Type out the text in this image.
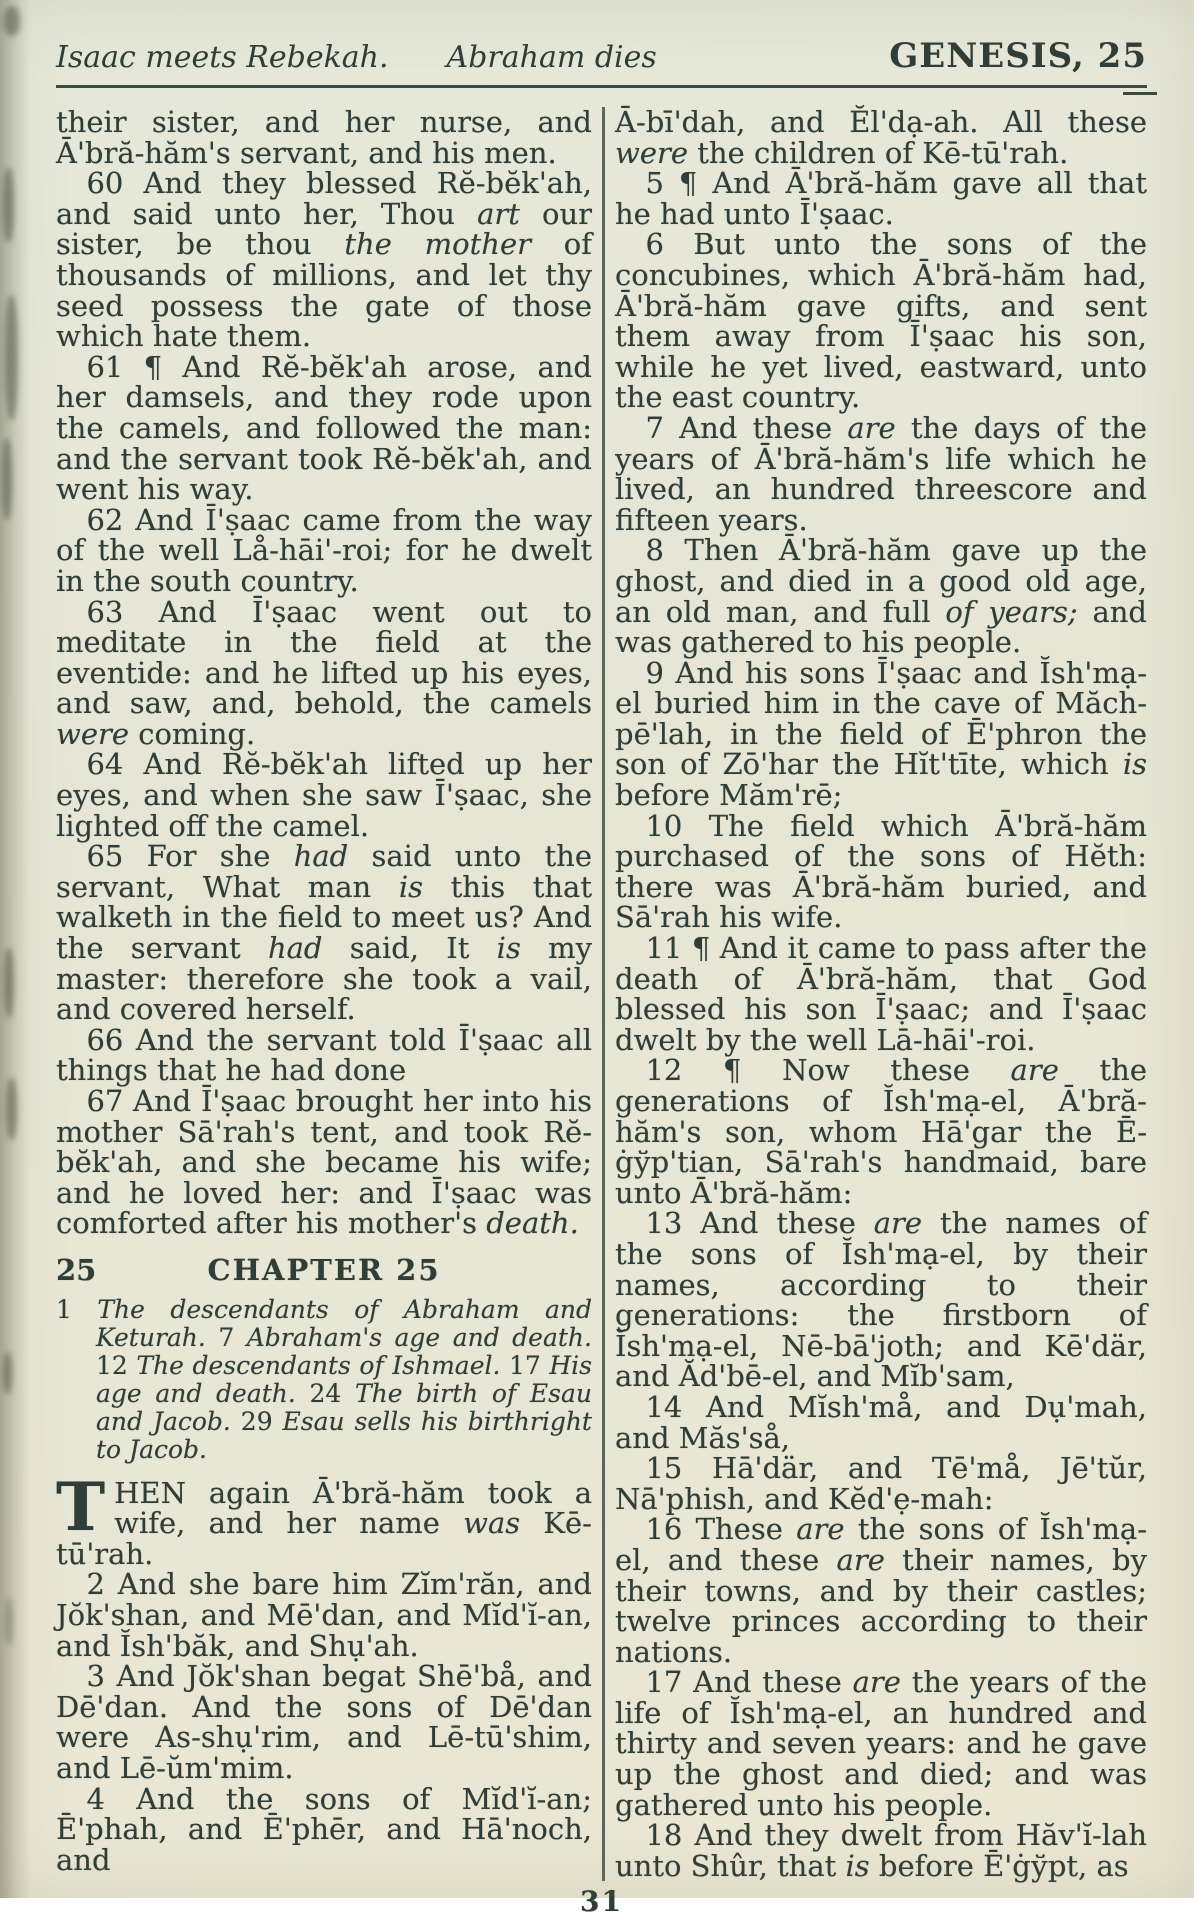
Isaac meets Rebekah. Abraham dies	GENESIS, 25

their sister, and her nurse, and Ā'bră-hăm's servant, and his men.

60 And they blessed Rĕ-bĕk'ah, and said unto her, Thou art our sister, be thou the mother of thousands of millions, and let thy seed possess the gate of those which hate them.

61 ¶ And Rĕ-bĕk'ah arose, and her damsels, and they rode upon the camels, and followed the man: and the servant took Rĕ-bĕk'ah, and went his way.

62 And Ī'ṣaac came from the way of the well Lå-hāi'-roi; for he dwelt in the south country.

63 And Ī'ṣaac went out to meditate in the field at the eventide: and he lifted up his eyes, and saw, and, behold, the camels were coming.

64 And Rĕ-bĕk'ah lifted up her eyes, and when she saw Ī'ṣaac, she lighted off the camel.

65 For she had said unto the servant, What man is this that walketh in the field to meet us? And the servant had said, It is my master: therefore she took a vail, and covered herself.

66 And the servant told Ī'ṣaac all things that he had done

67 And Ī'ṣaac brought her into his mother Sā'rah's tent, and took Rĕ-bĕk'ah, and she became his wife; and he loved her: and Ī'ṣaac was comforted after his mother's death.

25	CHAPTER 25

1 The descendants of Abraham and Keturah. 7 Abraham's age and death. 12 The descendants of Ishmael. 17 His age and death. 24 The birth of Esau and Jacob. 29 Esau sells his birthright to Jacob.

THEN again Ā'bră-hăm took a wife, and her name was Kē-tū'rah.

2 And she bare him Zĭm'răn, and Jŏk'shan, and Mē'dan, and Mĭd'ĭ-an, and Ĭsh'băk, and Shụ'ah.

3 And Jŏk'shan begat Shē'bå, and Dē'dan. And the sons of Dē'dan were As-shụ'rim, and Lē-tū'shim, and Lē-ŭm'mim.

4 And the sons of Mĭd'ĭ-an; Ē'phah, and Ē'phēr, and Hā'noch, and

Ā-bī'dah, and Ĕl'dạ-ah. All these were the children of Kē-tū'rah.

5 ¶ And Ā'bră-hăm gave all that he had unto Ī'ṣaac.

6 But unto the sons of the concubines, which Ā'bră-hăm had, Ā'bră-hăm gave gifts, and sent them away from Ī'ṣaac his son, while he yet lived, eastward, unto the east country.

7 And these are the days of the years of Ā'bră-hăm's life which he lived, an hundred threescore and fifteen years.

8 Then Ā'bră-hăm gave up the ghost, and died in a good old age, an old man, and full of years; and was gathered to his people.

9 And his sons Ī'ṣaac and Ĭsh'mạ-el buried him in the cave of Măch-pē'lah, in the field of Ē'phron the son of Zō'har the Hĭt'tīte, which is before Măm'rē;

10 The field which Ā'bră-hăm purchased of the sons of Hĕth: there was Ā'bră-hăm buried, and Sā'rah his wife.

11 ¶ And it came to pass after the death of Ā'bră-hăm, that God blessed his son Ī'ṣaac; and Ī'ṣaac dwelt by the well Lā-hāi'-roi.

12 ¶ Now these are the generations of Ĭsh'mạ-el, Ā'bră-hăm's son, whom Hā'gar the Ē-ġўp'tian, Sā'rah's handmaid, bare unto Ā'bră-hăm:

13 And these are the names of the sons of Ĭsh'mạ-el, by their names, according to their generations: the firstborn of Ĭsh'mạ-el, Nē-bā'joth; and Kē'där, and Ăd'bē-el, and Mĭb'sam,

14 And Mĭsh'må, and Dụ'mah, and Măs'så,

15 Hā'där, and Tē'må, Jē'tŭr, Nā'phish, and Kĕd'ẹ-mah:

16 These are the sons of Ĭsh'mạ-el, and these are their names, by their towns, and by their castles; twelve princes according to their nations.

17 And these are the years of the life of Ĭsh'mạ-el, an hundred and thirty and seven years: and he gave up the ghost and died; and was gathered unto his people.

18 And they dwelt from Hăv'ĭ-lah unto Shûr, that is before Ē'ġўpt, as

31
